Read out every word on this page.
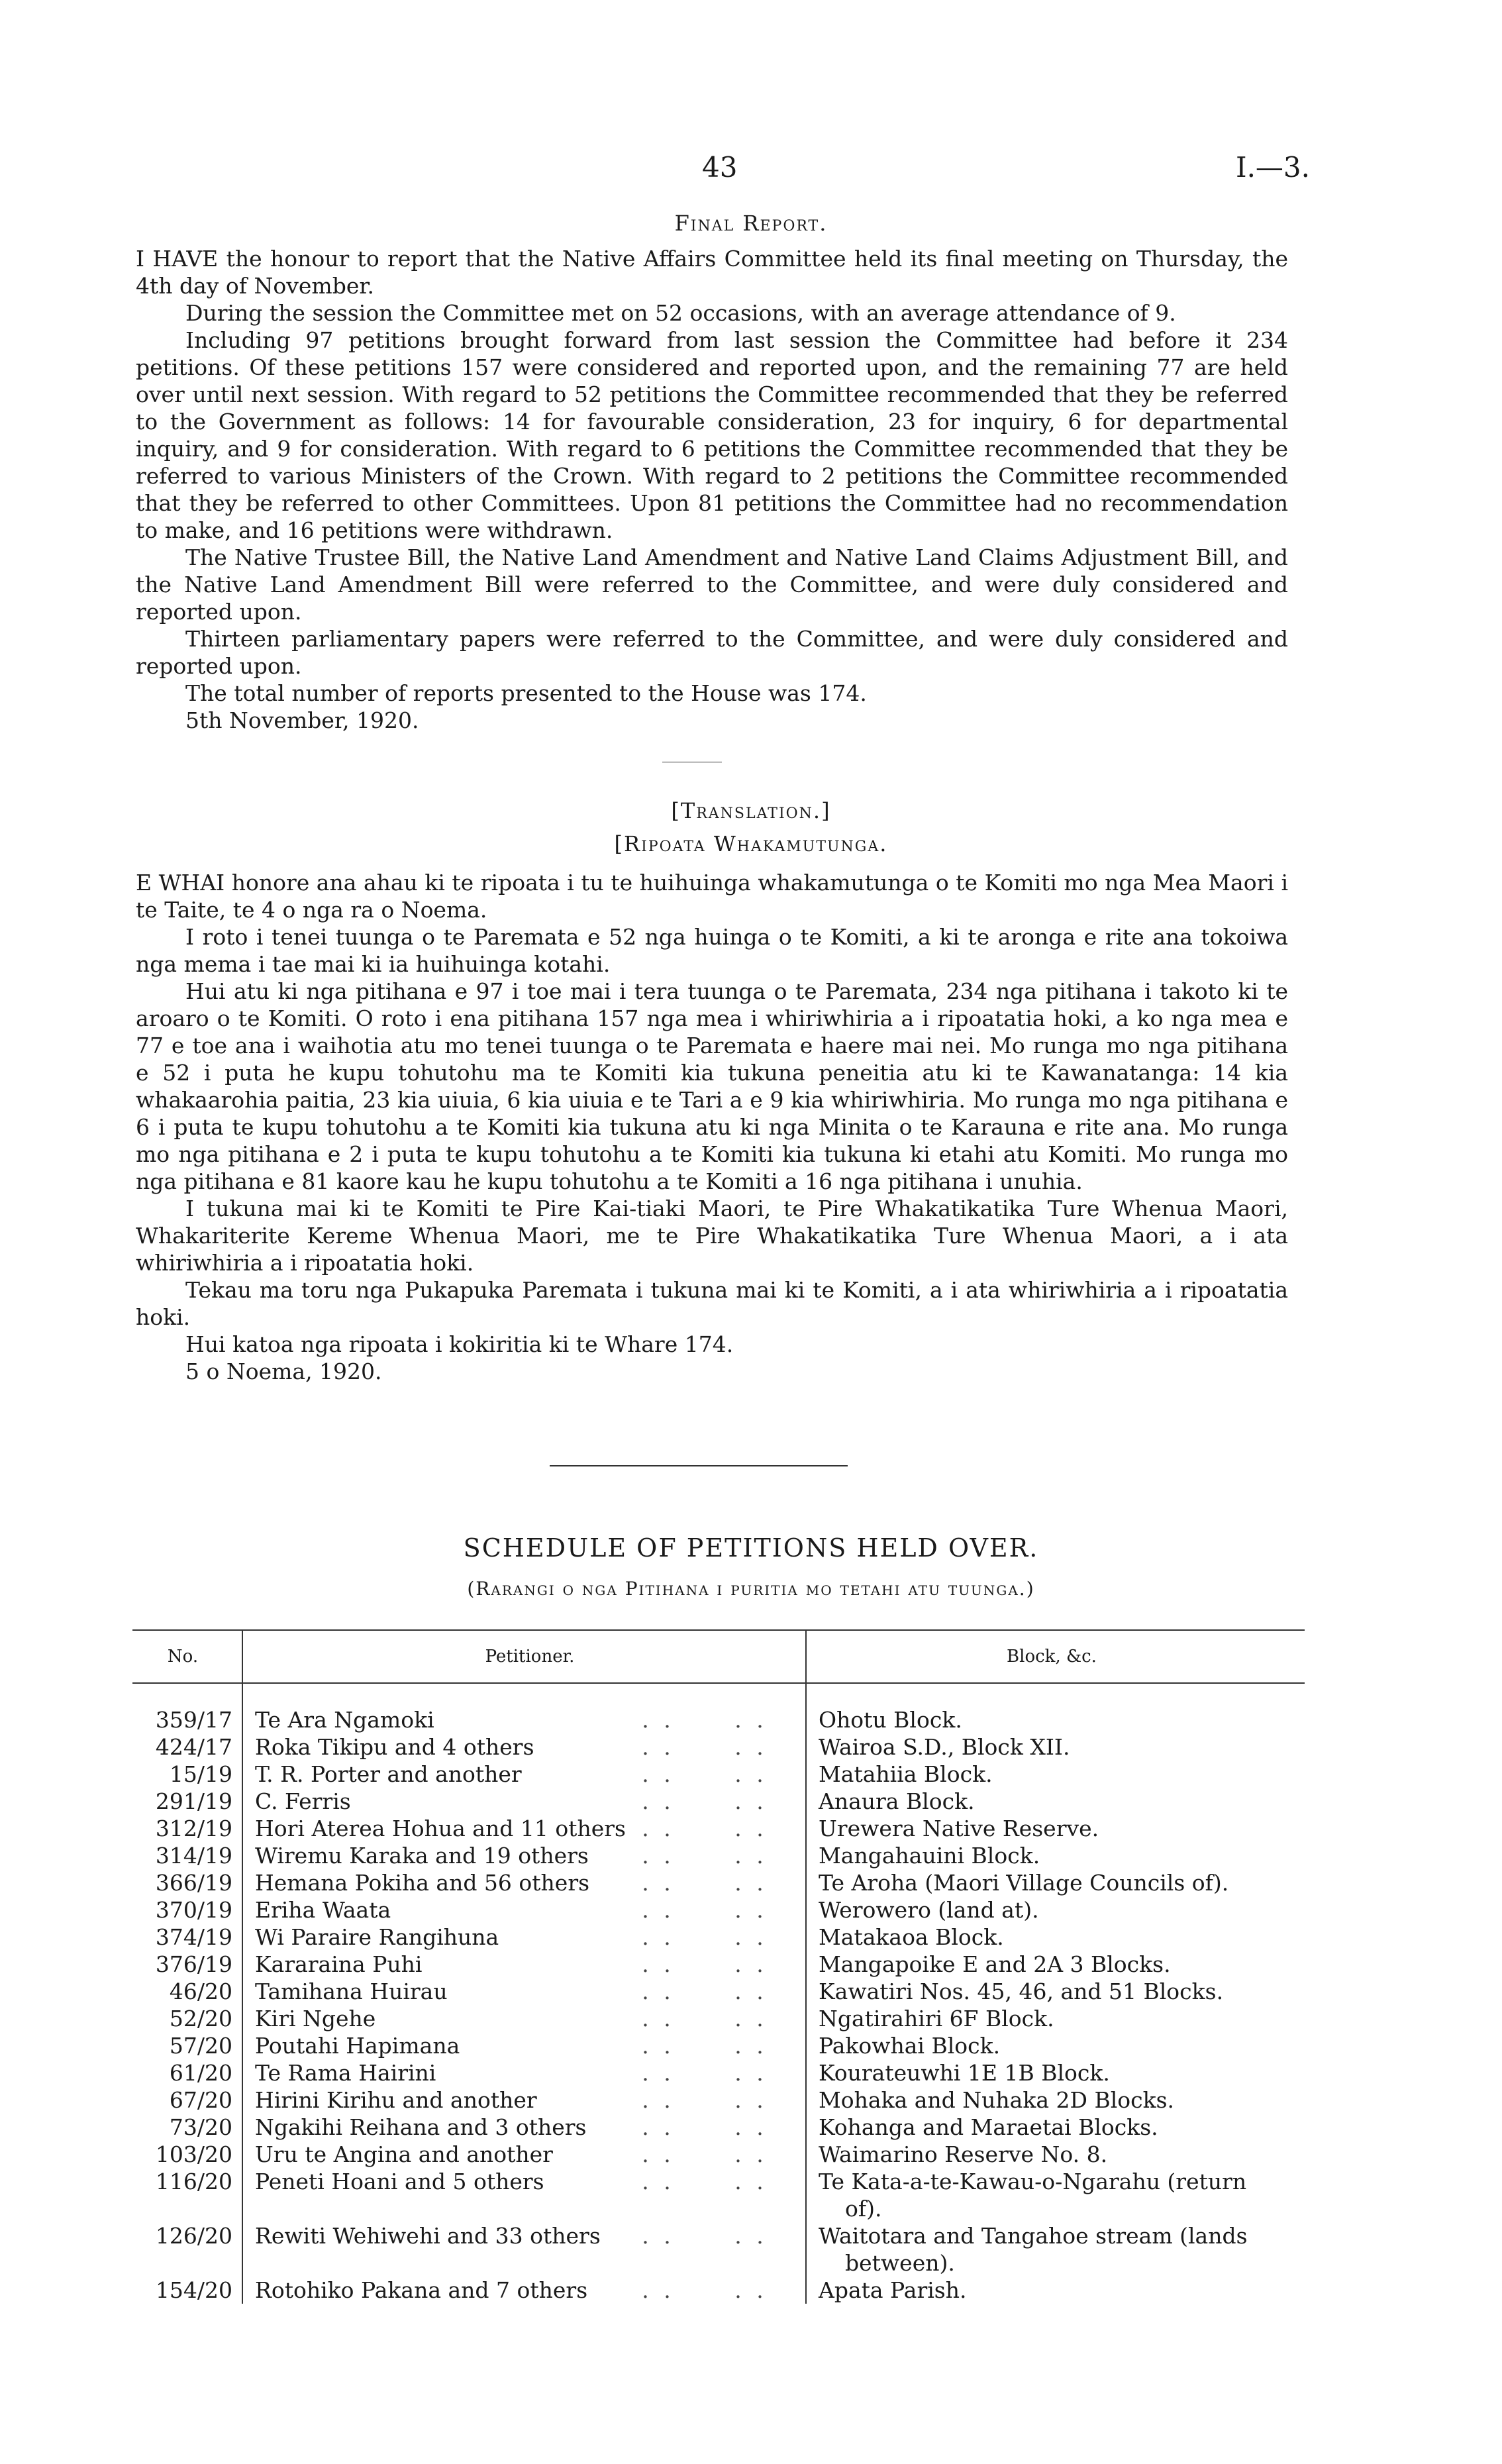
43	I.—3.
Final Report.

I HAVE the honour to report that the Native Affairs Committee held its final meeting on Thursday, the 4th day of November.

During the session the Committee met on 52 occasions, with an average attendance of 9.

Including 97 petitions brought forward from last session the Committee had before it 234 petitions. Of these petitions 157 were considered and reported upon, and the remaining 77 are held over until next session. With regard to 52 petitions the Committee recommended that they be referred to the Government as follows: 14 for favourable consideration, 23 for inquiry, 6 for departmental inquiry, and 9 for consideration. With regard to 6 petitions the Committee recommended that they be referred to various Ministers of the Crown. With regard to 2 petitions the Committee recommended that they be referred to other Committees. Upon 81 petitions the Committee had no recommendation to make, and 16 petitions were withdrawn.

The Native Trustee Bill, the Native Land Amendment and Native Land Claims Adjustment Bill, and the Native Land Amendment Bill were referred to the Committee, and were duly considered and reported upon.

Thirteen parliamentary papers were referred to the Committee, and were duly considered and reported upon.

The total number of reports presented to the House was 174.

5th November, 1920.

[Translation.]
[Ripoata Whakamutunga.

E WHAI honore ana ahau ki te ripoata i tu te huihuinga whakamutunga o te Komiti mo nga Mea Maori i te Taite, te 4 o nga ra o Noema.

I roto i tenei tuunga o te Paremata e 52 nga huinga o te Komiti, a ki te aronga e rite ana tokoiwa nga mema i tae mai ki ia huihuinga kotahi.

Hui atu ki nga pitihana e 97 i toe mai i tera tuunga o te Paremata, 234 nga pitihana i takoto ki te aroaro o te Komiti. O roto i ena pitihana 157 nga mea i whiriwhiria a i ripoatatia hoki, a ko nga mea e 77 e toe ana i waihotia atu mo tenei tuunga o te Paremata e haere mai nei. Mo runga mo nga pitihana e 52 i puta he kupu tohutohu ma te Komiti kia tukuna peneitia atu ki te Kawanatanga: 14 kia whakaarohia paitia, 23 kia uiuia, 6 kia uiuia e te Tari a e 9 kia whiriwhiria. Mo runga mo nga pitihana e 6 i puta te kupu tohutohu a te Komiti kia tukuna atu ki nga Minita o te Karauna e rite ana. Mo runga mo nga pitihana e 2 i puta te kupu tohutohu a te Komiti kia tukuna ki etahi atu Komiti. Mo runga mo nga pitihana e 81 kaore kau he kupu tohutohu a te Komiti a 16 nga pitihana i unuhia.

I tukuna mai ki te Komiti te Pire Kai-tiaki Maori, te Pire Whakatikatika Ture Whenua Maori, Whakariterite Kereme Whenua Maori, me te Pire Whakatikatika Ture Whenua Maori, a i ata whiriwhiria a i ripoatatia hoki.

Tekau ma toru nga Pukapuka Paremata i tukuna mai ki te Komiti, a i ata whiriwhiria a i ripoatatia hoki.

Hui katoa nga ripoata i kokiritia ki te Whare 174.

5 o Noema, 1920.

SCHEDULE OF PETITIONS HELD OVER.
(Rarangi o nga Pitihana i puritia mo tetahi atu tuunga.)
No.	Petitioner.	Block, &c.

359/17	Te Ara Ngamoki . . . .	Ohotu Block.

424/17	Roka Tikipu and 4 others . . . .	Wairoa S.D., Block XII.

15/19	T. R. Porter and another . . . .	Matahiia Block.

291/19	C. Ferris . . . .	Anaura Block.

312/19	Hori Aterea Hohua and 11 others . . . .	Urewera Native Reserve.

314/19	Wiremu Karaka and 19 others . . . .	Mangahauini Block.

366/19	Hemana Pokiha and 56 others . . . .	Te Aroha (Maori Village Councils of).

370/19	Eriha Waata . . . .	Werowero (land at).

374/19	Wi Paraire Rangihuna . . . .	Matakaoa Block.

376/19	Kararaina Puhi . . . .	Mangapoike E and 2A 3 Blocks.

46/20	Tamihana Huirau . . . .	Kawatiri Nos. 45, 46, and 51 Blocks.

52/20	Kiri Ngehe . . . .	Ngatirahiri 6F Block.

57/20	Poutahi Hapimana . . . .	Pakowhai Block.

61/20	Te Rama Hairini . . . .	Kourateuwhi 1E 1B Block.

67/20	Hirini Kirihu and another . . . .	Mohaka and Nuhaka 2D Blocks.

73/20	Ngakihi Reihana and 3 others . . . .	Kohanga and Maraetai Blocks.

103/20	Uru te Angina and another . . . .	Waimarino Reserve No. 8.

116/20	Peneti Hoani and 5 others . . . .	Te Kata-a-te-Kawau-o-Ngarahu (return of).

126/20	Rewiti Wehiwehi and 33 others . . . .	Waitotara and Tangahoe stream (lands between).

154/20	Rotohiko Pakana and 7 others . . . .	Apata Parish.
